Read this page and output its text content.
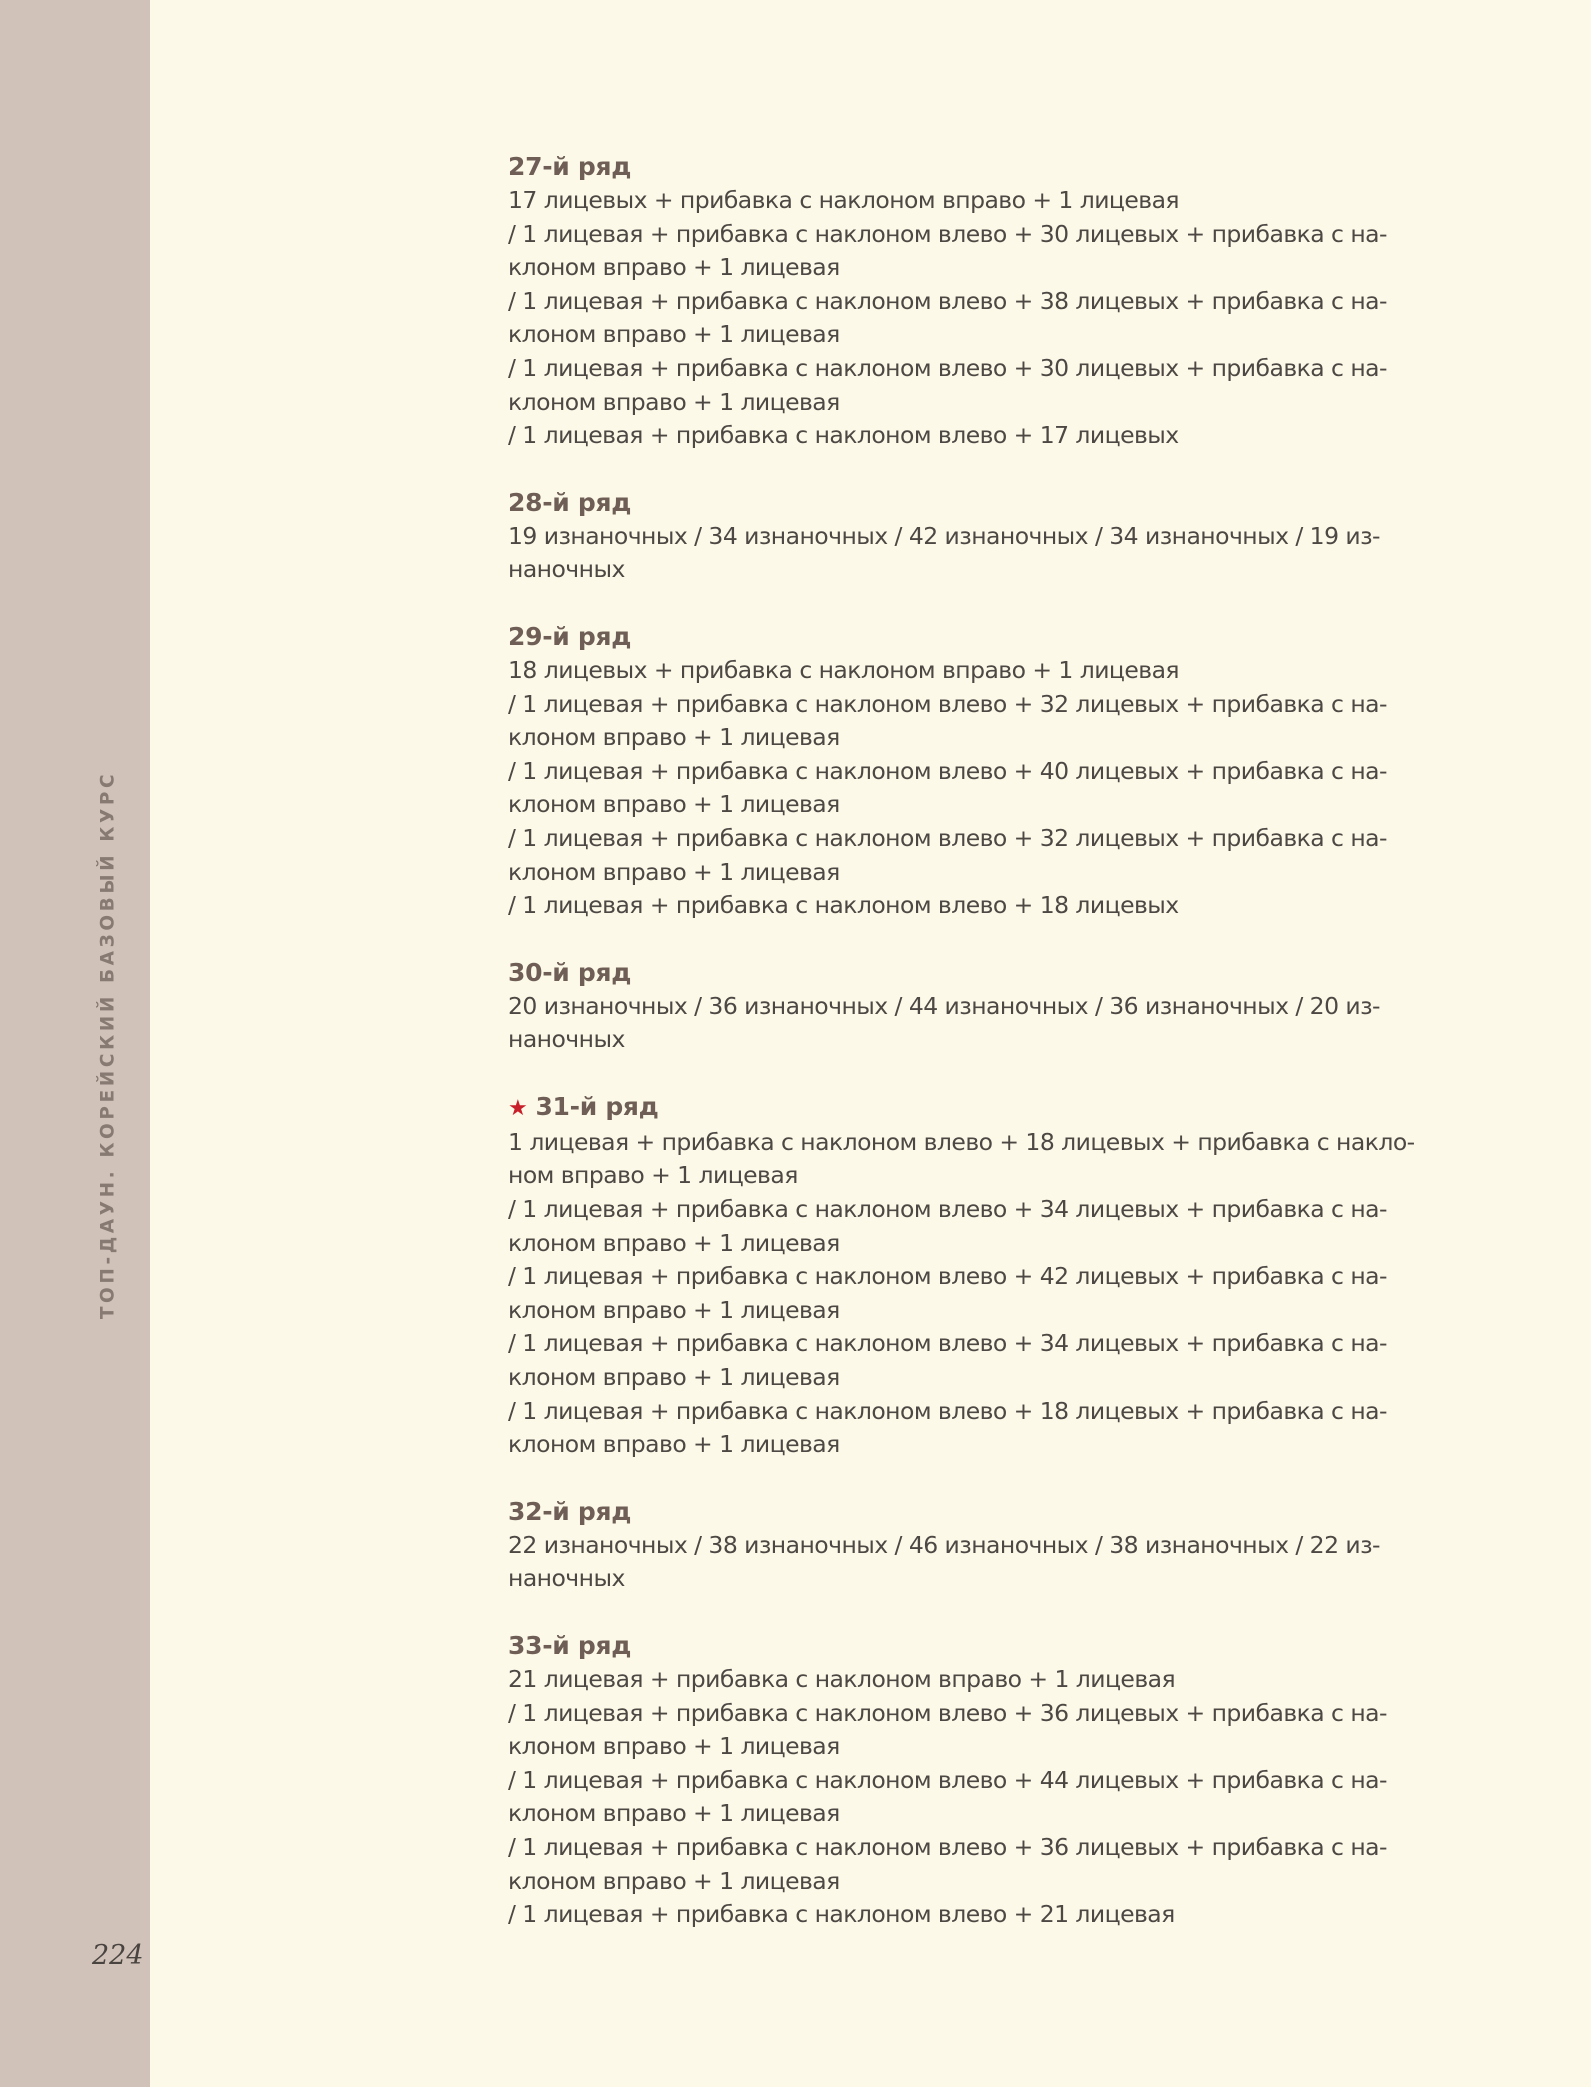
ТОП-ДАУН. КОРЕЙСКИЙ БАЗОВЫЙ КУРС
224
27-й ряд
17 лицевых + прибавка с наклоном вправо + 1 лицевая
/ 1 лицевая + прибавка с наклоном влево + 30 лицевых + прибавка с на-
клоном вправо + 1 лицевая
/ 1 лицевая + прибавка с наклоном влево + 38 лицевых + прибавка с на-
клоном вправо + 1 лицевая
/ 1 лицевая + прибавка с наклоном влево + 30 лицевых + прибавка с на-
клоном вправо + 1 лицевая
/ 1 лицевая + прибавка с наклоном влево + 17 лицевых
28-й ряд
19 изнаночных / 34 изнаночных / 42 изнаночных / 34 изнаночных / 19 из-
наночных
29-й ряд
18 лицевых + прибавка с наклоном вправо + 1 лицевая
/ 1 лицевая + прибавка с наклоном влево + 32 лицевых + прибавка с на-
клоном вправо + 1 лицевая
/ 1 лицевая + прибавка с наклоном влево + 40 лицевых + прибавка с на-
клоном вправо + 1 лицевая
/ 1 лицевая + прибавка с наклоном влево + 32 лицевых + прибавка с на-
клоном вправо + 1 лицевая
/ 1 лицевая + прибавка с наклоном влево + 18 лицевых
30-й ряд
20 изнаночных / 36 изнаночных / 44 изнаночных / 36 изнаночных / 20 из-
наночных
★ 31-й ряд
1 лицевая + прибавка с наклоном влево + 18 лицевых + прибавка с накло-
ном вправо + 1 лицевая
/ 1 лицевая + прибавка с наклоном влево + 34 лицевых + прибавка с на-
клоном вправо + 1 лицевая
/ 1 лицевая + прибавка с наклоном влево + 42 лицевых + прибавка с на-
клоном вправо + 1 лицевая
/ 1 лицевая + прибавка с наклоном влево + 34 лицевых + прибавка с на-
клоном вправо + 1 лицевая
/ 1 лицевая + прибавка с наклоном влево + 18 лицевых + прибавка с на-
клоном вправо + 1 лицевая
32-й ряд
22 изнаночных / 38 изнаночных / 46 изнаночных / 38 изнаночных / 22 из-
наночных
33-й ряд
21 лицевая + прибавка с наклоном вправо + 1 лицевая
/ 1 лицевая + прибавка с наклоном влево + 36 лицевых + прибавка с на-
клоном вправо + 1 лицевая
/ 1 лицевая + прибавка с наклоном влево + 44 лицевых + прибавка с на-
клоном вправо + 1 лицевая
/ 1 лицевая + прибавка с наклоном влево + 36 лицевых + прибавка с на-
клоном вправо + 1 лицевая
/ 1 лицевая + прибавка с наклоном влево + 21 лицевая
